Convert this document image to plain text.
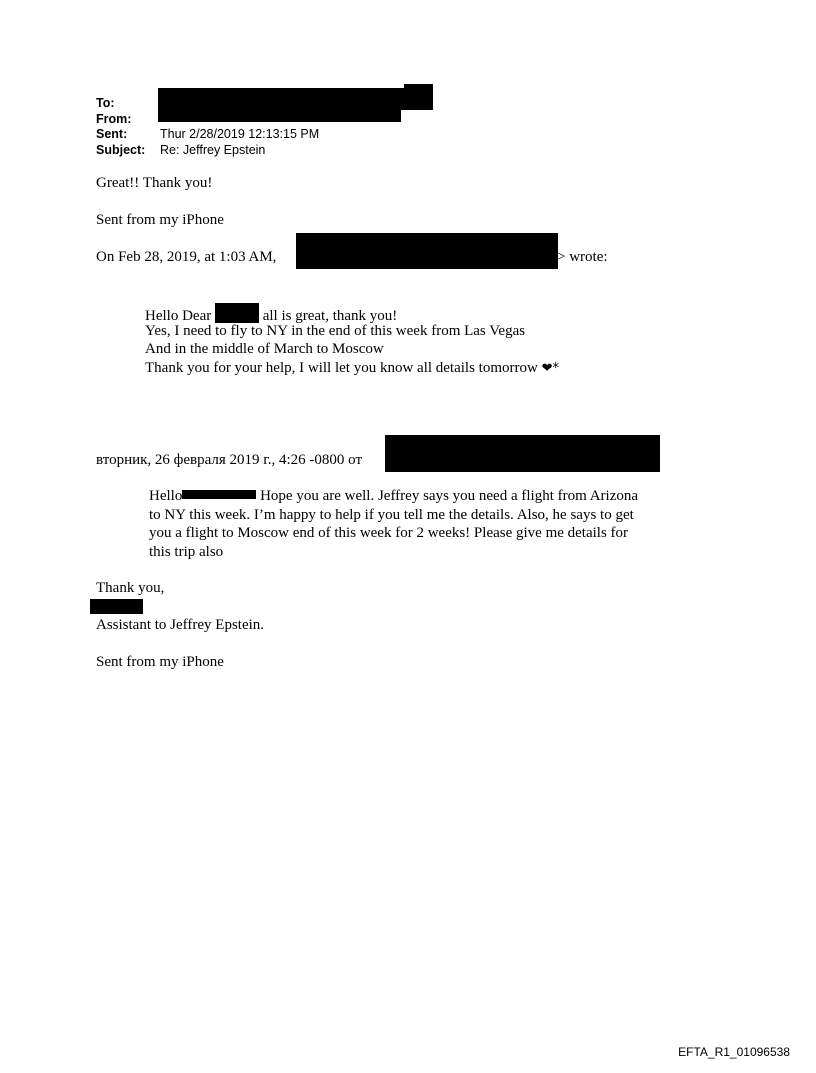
To:
From:
Sent:	Thur 2/28/2019 12:13:15 PM
Subject: Re: Jeffrey Epstein
Great!! Thank you!
Sent from my iPhone
On Feb 28, 2019, at 1:03 AM,	> wrote:
Hello Dear	all is great, thank you!
Yes, I need to fly to NY in the end of this week from Las Vegas
And in the middle of March to Moscow
Thank you for your help, I will let you know all details tomorrow ❤*
вторник, 26 февраля 2019 г., 4:26 -0800 от
Hello	Hope you are well. Jeffrey says you need a flight from Arizona
to NY this week. I’m happy to help if you tell me the details. Also, he says to get
you a flight to Moscow end of this week for 2 weeks! Please give me details for
this trip also
Thank you,
Assistant to Jeffrey Epstein.
Sent from my iPhone
EFTA_R1_01096538
